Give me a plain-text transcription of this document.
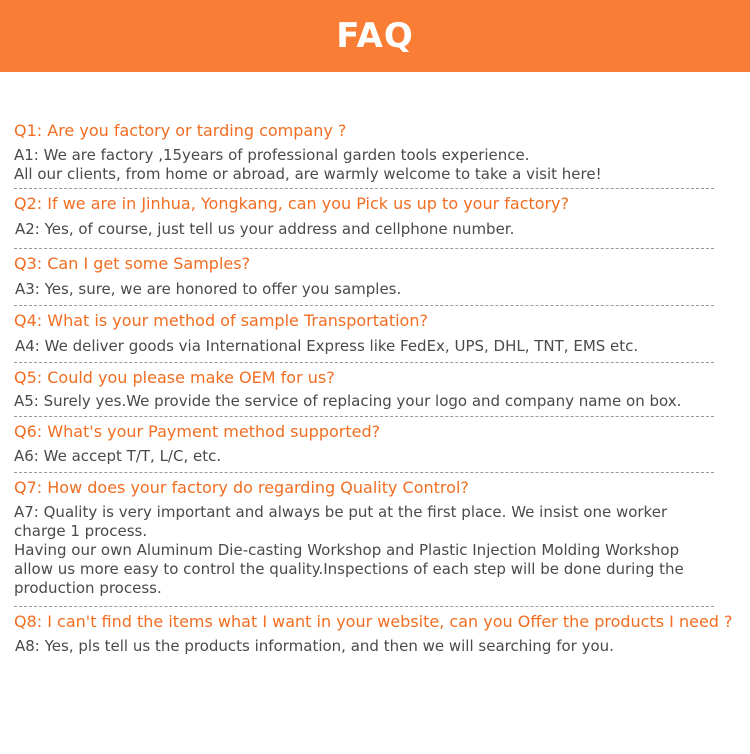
FAQ
Q1: Are you factory or tarding company ?
A1: We are factory ,15years of professional garden tools experience.
All our clients, from home or abroad, are warmly welcome to take a visit here!
Q2: If we are in Jinhua, Yongkang, can you Pick us up to your factory?
A2: Yes, of course, just tell us your address and cellphone number.
Q3: Can I get some Samples?
A3: Yes, sure, we are honored to offer you samples.
Q4: What is your method of sample Transportation?
A4: We deliver goods via International Express like FedEx, UPS, DHL, TNT, EMS etc.
Q5: Could you please make OEM for us?
A5: Surely yes.We provide the service of replacing your logo and company name on box.
Q6: What's your Payment method supported?
A6: We accept T/T, L/C, etc.
Q7: How does your factory do regarding Quality Control?
A7: Quality is very important and always be put at the first place. We insist one worker
charge 1 process.
Having our own Aluminum Die-casting Workshop and Plastic Injection Molding Workshop
allow us more easy to control the quality.Inspections of each step will be done during the
production process.
Q8: I can't find the items what I want in your website, can you Offer the products I need ?
A8: Yes, pls tell us the products information, and then we will searching for you.
